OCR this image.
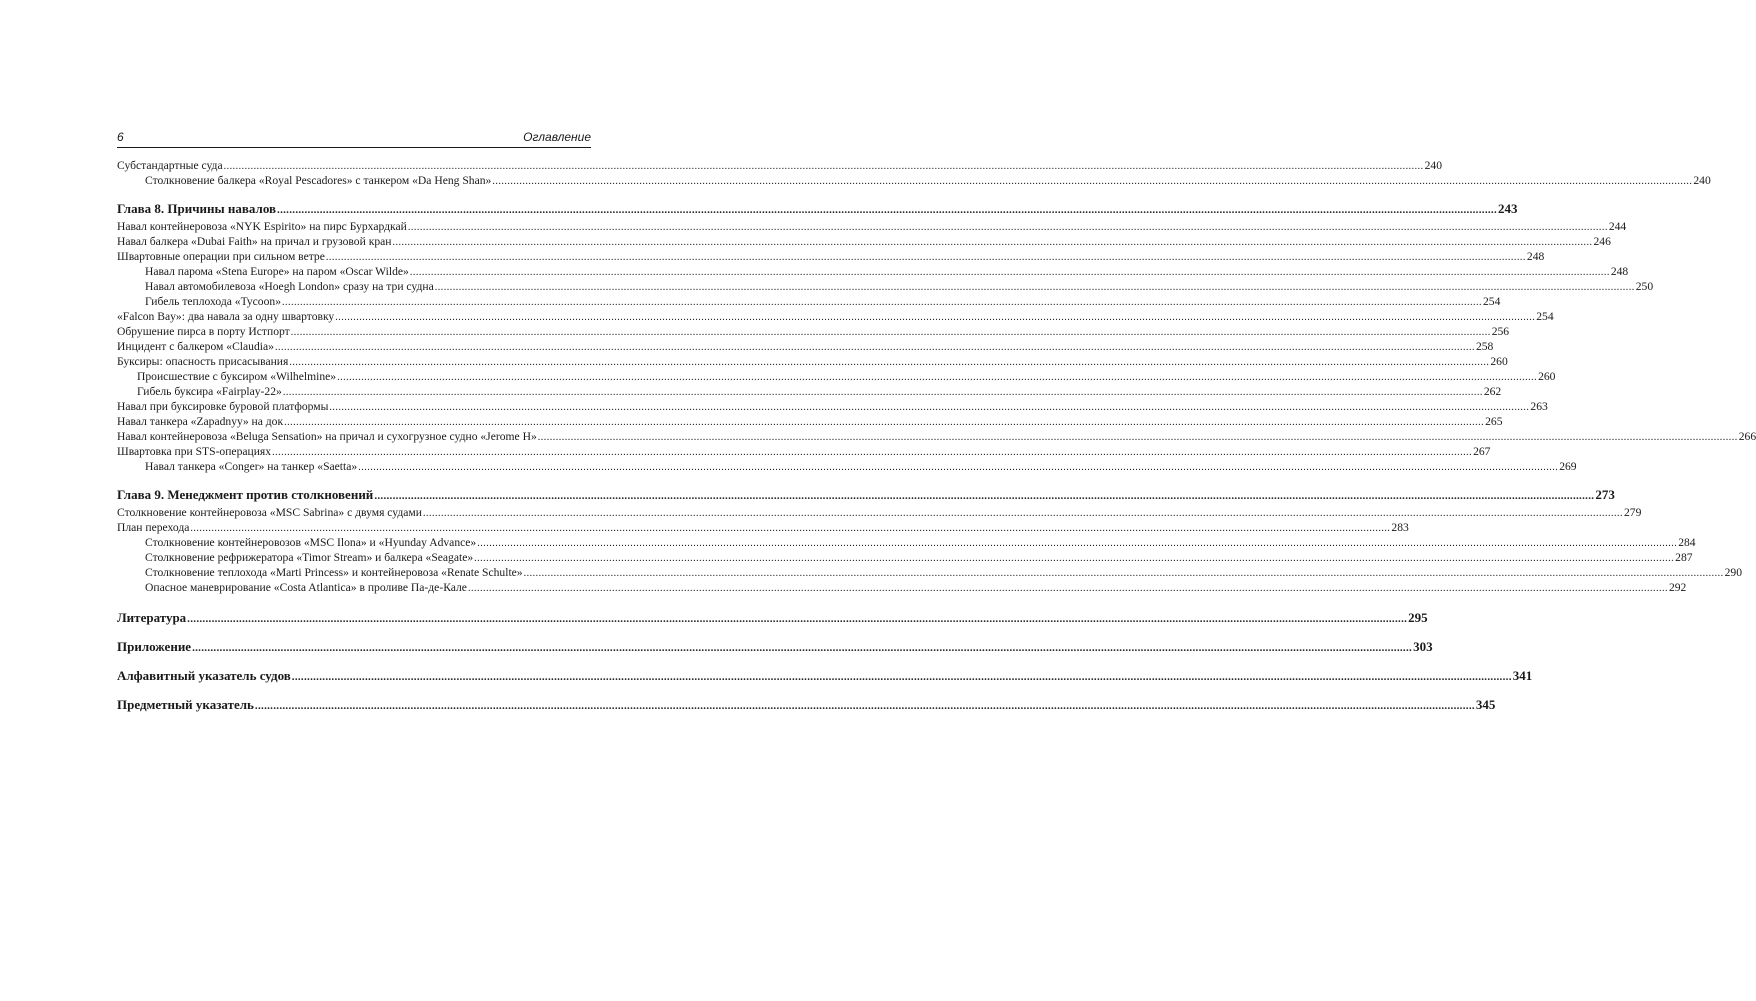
6	Оглавление
Субстандартные суда ................................................................................................................................................................................................................................................................................................................................................................................................................ 240
Столкновение балкера «Royal Pescadores» с танкером «Da Heng Shan» ................................................................................................................................................................................................................................................................................................................................................................................................................ 240
Глава 8. Причины навалов ................................................................................................................................................................................................................................................................................................................................................................................................................ 243
Навал контейнеровоза «NYK Espirito» на пирс Бурхардкай ................................................................................................................................................................................................................................................................................................................................................................................................................ 244
Навал балкера «Dubai Faith» на причал и грузовой кран ................................................................................................................................................................................................................................................................................................................................................................................................................ 246
Швартовные операции при сильном ветре ................................................................................................................................................................................................................................................................................................................................................................................................................ 248
Навал парома «Stena Europe» на паром «Oscar Wilde» ................................................................................................................................................................................................................................................................................................................................................................................................................ 248
Навал автомобилевоза «Hoegh London» сразу на три судна ................................................................................................................................................................................................................................................................................................................................................................................................................ 250
Гибель теплохода «Tycoon» ................................................................................................................................................................................................................................................................................................................................................................................................................ 254
«Falcon Bay»: два навала за одну швартовку ................................................................................................................................................................................................................................................................................................................................................................................................................ 254
Обрушение пирса в порту Истпорт ................................................................................................................................................................................................................................................................................................................................................................................................................ 256
Инцидент с балкером «Claudia» ................................................................................................................................................................................................................................................................................................................................................................................................................ 258
Буксиры: опасность присасывания ................................................................................................................................................................................................................................................................................................................................................................................................................ 260
Происшествие с буксиром «Wilhelmine» ................................................................................................................................................................................................................................................................................................................................................................................................................ 260
Гибель буксира «Fairplay-22» ................................................................................................................................................................................................................................................................................................................................................................................................................ 262
Навал при буксировке буровой платформы ................................................................................................................................................................................................................................................................................................................................................................................................................ 263
Навал танкера «Zapadnyy» на док ................................................................................................................................................................................................................................................................................................................................................................................................................ 265
Навал контейнеровоза «Beluga Sensation» на причал и сухогрузное судно «Jerome H» ................................................................................................................................................................................................................................................................................................................................................................................................................ 266
Швартовка при STS-операциях ................................................................................................................................................................................................................................................................................................................................................................................................................ 267
Навал танкера «Conger» на танкер «Saetta» ................................................................................................................................................................................................................................................................................................................................................................................................................ 269
Глава 9. Менеджмент против столкновений ................................................................................................................................................................................................................................................................................................................................................................................................................ 273
Столкновение контейнеровоза «MSC Sabrina» с двумя судами ................................................................................................................................................................................................................................................................................................................................................................................................................ 279
План перехода ................................................................................................................................................................................................................................................................................................................................................................................................................ 283
Столкновение контейнеровозов «MSC Ilona» и «Hyunday Advance» ................................................................................................................................................................................................................................................................................................................................................................................................................ 284
Столкновение рефрижератора «Timor Stream» и балкера «Seagate» ................................................................................................................................................................................................................................................................................................................................................................................................................ 287
Столкновение теплохода «Marti Princess» и контейнеровоза «Renate Schulte» ................................................................................................................................................................................................................................................................................................................................................................................................................ 290
Опасное маневрирование «Costa Atlantica» в проливе Па-де-Кале ................................................................................................................................................................................................................................................................................................................................................................................................................ 292
Литература ................................................................................................................................................................................................................................................................................................................................................................................................................ 295
Приложение ................................................................................................................................................................................................................................................................................................................................................................................................................ 303
Алфавитный указатель судов ................................................................................................................................................................................................................................................................................................................................................................................................................ 341
Предметный указатель ................................................................................................................................................................................................................................................................................................................................................................................................................ 345
